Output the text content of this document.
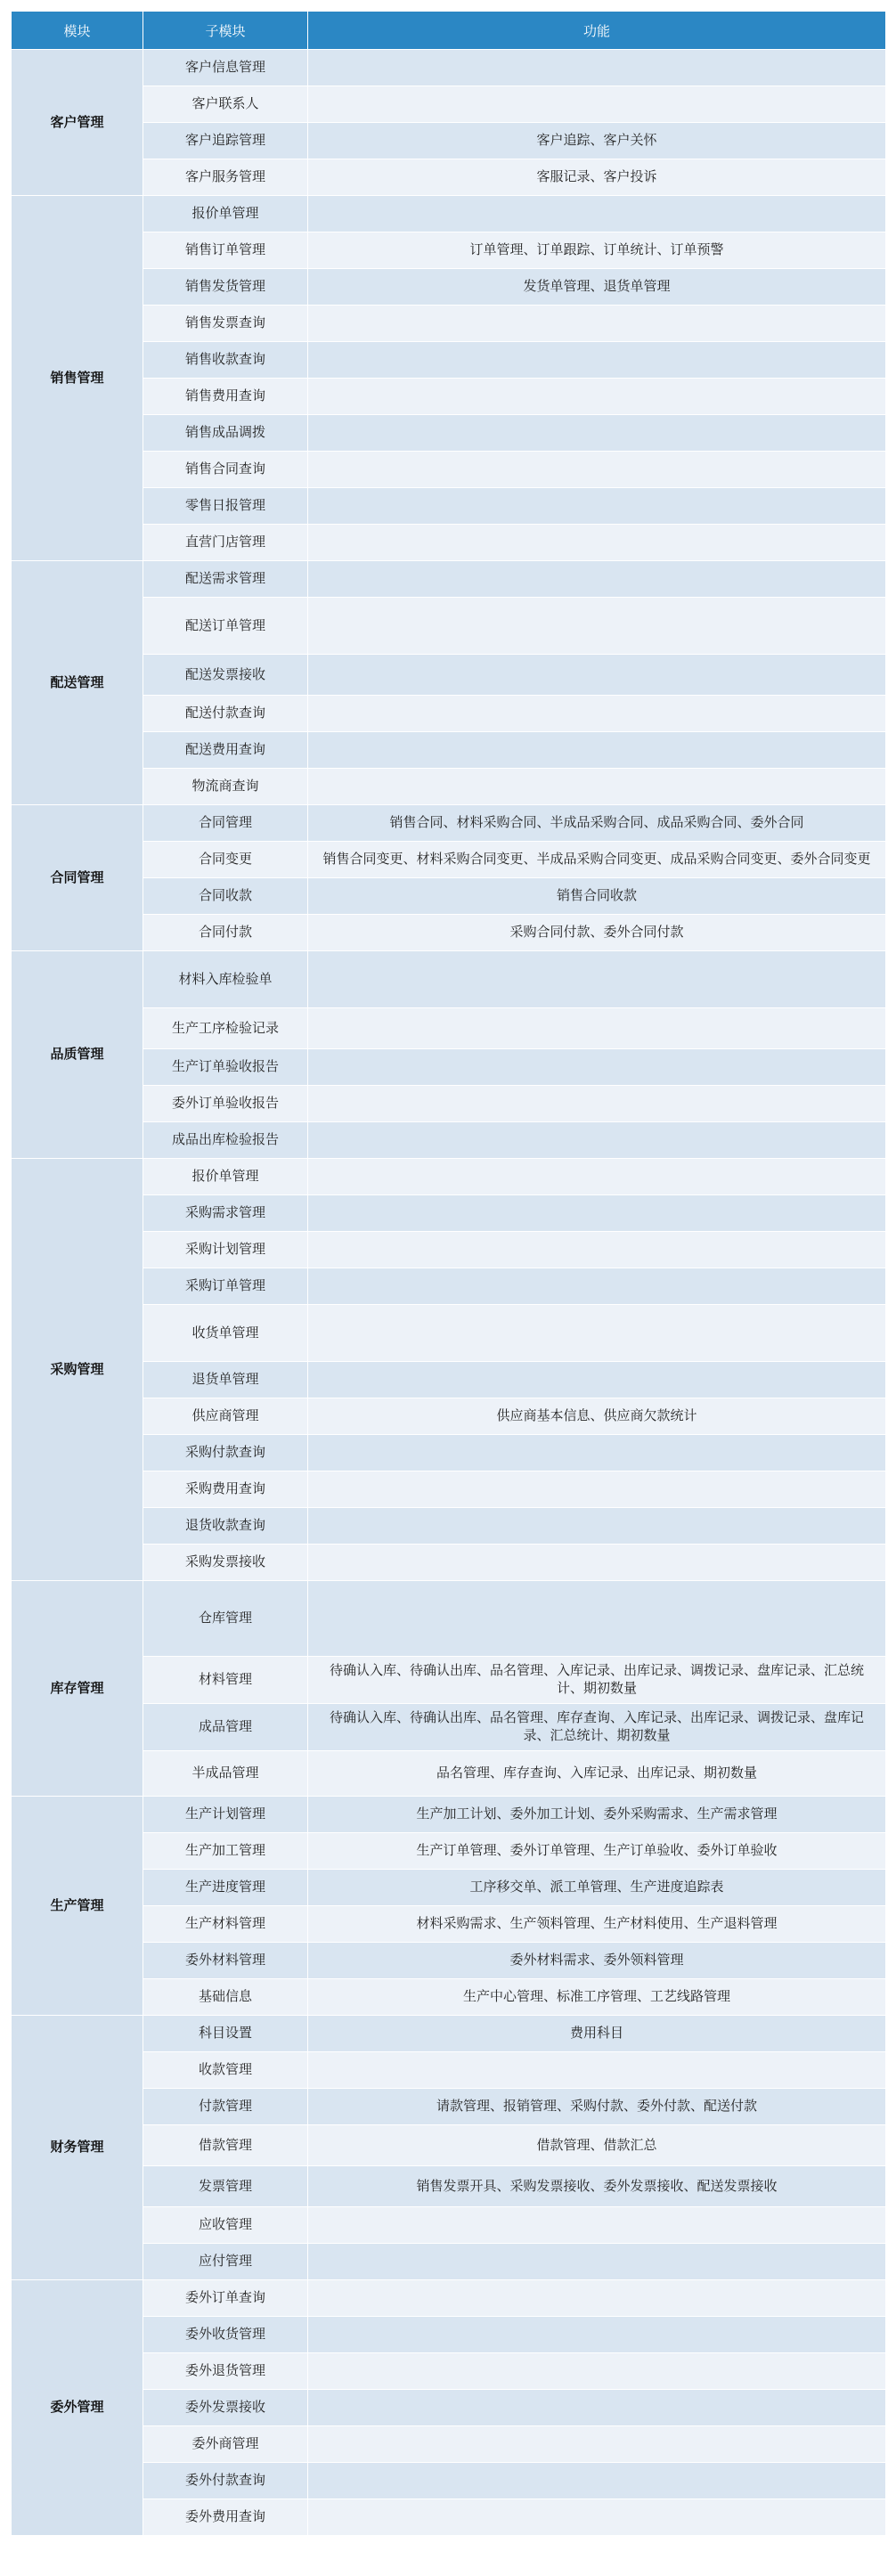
模块	子模块	功能
客户管理	客户信息管理	
	客户联系人	
	客户追踪管理	客户追踪、客户关怀
	客户服务管理	客服记录、客户投诉
销售管理	报价单管理	
	销售订单管理	订单管理、订单跟踪、订单统计、订单预警
	销售发货管理	发货单管理、退货单管理
	销售发票查询	
	销售收款查询	
	销售费用查询	
	销售成品调拨	
	销售合同查询	
	零售日报管理	
	直营门店管理	
配送管理	配送需求管理	
	配送订单管理	
	配送发票接收	
	配送付款查询	
	配送费用查询	
	物流商查询	
合同管理	合同管理	销售合同、材料采购合同、半成品采购合同、成品采购合同、委外合同
	合同变更	销售合同变更、材料采购合同变更、半成品采购合同变更、成品采购合同变更、委外合同变更
	合同收款	销售合同收款
	合同付款	采购合同付款、委外合同付款
品质管理	材料入库检验单	
	生产工序检验记录	
	生产订单验收报告	
	委外订单验收报告	
	成品出库检验报告	
采购管理	报价单管理	
	采购需求管理	
	采购计划管理	
	采购订单管理	
	收货单管理	
	退货单管理	
	供应商管理	供应商基本信息、供应商欠款统计
	采购付款查询	
	采购费用查询	
	退货收款查询	
	采购发票接收	
库存管理	仓库管理	
	材料管理	待确认入库、待确认出库、品名管理、入库记录、出库记录、调拨记录、盘库记录、汇总统计、期初数量
	成品管理	待确认入库、待确认出库、品名管理、库存查询、入库记录、出库记录、调拨记录、盘库记录、汇总统计、期初数量
	半成品管理	品名管理、库存查询、入库记录、出库记录、期初数量
生产管理	生产计划管理	生产加工计划、委外加工计划、委外采购需求、生产需求管理
	生产加工管理	生产订单管理、委外订单管理、生产订单验收、委外订单验收
	生产进度管理	工序移交单、派工单管理、生产进度追踪表
	生产材料管理	材料采购需求、生产领料管理、生产材料使用、生产退料管理
	委外材料管理	委外材料需求、委外领料管理
	基础信息	生产中心管理、标准工序管理、工艺线路管理
财务管理	科目设置	费用科目
	收款管理	
	付款管理	请款管理、报销管理、采购付款、委外付款、配送付款
	借款管理	借款管理、借款汇总
	发票管理	销售发票开具、采购发票接收、委外发票接收、配送发票接收
	应收管理	
	应付管理	
委外管理	委外订单查询	
	委外收货管理	
	委外退货管理	
	委外发票接收	
	委外商管理	
	委外付款查询	
	委外费用查询	
